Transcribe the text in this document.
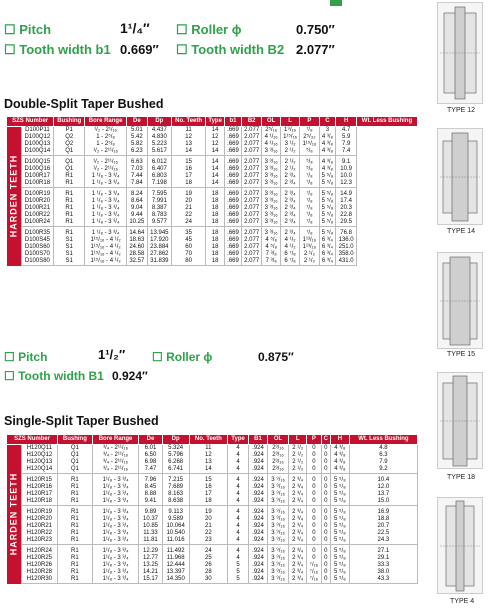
☐ Pitch	1¹/₄″ ☐ Roller ϕ	0.750″
☐ Tooth width b1 0.669″ ☐ Tooth width B2 2.077″
Double-Split Taper Bushed
SZS Number		Bushing	Bore Range	De	Dp	No. Teeth	Type	b1	B2	OL	L	P	C	H	Wt. Less Bushing

HARDEN TEETH	D100P11	P1	¹/₂ - 2¹/₁₆	5.01	4.437	11	14	.669	2.077	2⁵/₁₆	1⁹/₁₆	⁷/₈	3	4.7	
	D100Q12	Q2	1 - 2⁵/₈	5.42	4.830	12	12	.669	2.077	4 ¹/₁₆	1¹⁵/₁₆	2⁵/₃₂	4 ³/₈	5.9	
	D100Q13	Q2	1 - 2⁵/₈	5.82	5.223	13	12	.669	2.077	4 ¹/₁₆	3 ¹/₂	1¹⁵/₁₆	4 ³/₈	7.9	
	D100Q14	Q1	¹/₂ - 2¹¹/₁₆	6.23	5.617	14	14	.669	2.077	3 ³/₁₆	2 ¹/₂	⁵/₈	4 ³/₈	7.4	
	D100Q15	Q1	¹/₂ - 2¹¹/₁₆	6.63	6.012	15	14	.669	2.077	3 ³/₁₆	2 ¹/₂	⁵/₈	4 ³/₈	9.1	
	D100Q16	Q1	¹/₂ - 2¹¹/₁₆	7.03	6.407	16	14	.669	2.077	3 ³/₁₆	2 ¹/₂	⁵/₈	4 ³/₈	10.9	
	D100R17	R1	1 ¹/₈ - 3 ³/₄	7.44	6.803	17	14	.669	2.077	3 ³/₁₆	2 ³/₄	⁷/₈	5 ⁵/₈	10.0	
	D100R18	R1	1 ¹/₈ - 3 ³/₄	7.84	7.198	18	14	.669	2.077	3 ³/₁₆	2 ³/₄	⁷/₈	5 ⁵/₈	12.3	
	D100R19	R1	1 ¹/₈ - 3 ³/₄	8.24	7.595	19	18	.669	2.077	3 ³/₁₆	2 ³/₄	⁷/₈	5 ⁵/₈	14.9	
	D100R20	R1	1 ¹/₈ - 3 ³/₄	8.64	7.991	20	18	.669	2.077	3 ³/₁₆	2 ³/₄	⁷/₈	5 ⁵/₈	17.4	
	D100R21	R1	1 ¹/₈ - 3 ³/₄	9.04	8.387	21	18	.669	2.077	3 ³/₁₆	2 ³/₄	⁷/₈	5 ⁵/₈	20.3	
	D100R22	R1	1 ¹/₈ - 3 ³/₄	9.44	8.783	22	18	.669	2.077	3 ³/₁₆	2 ³/₄	⁷/₈	5 ⁵/₈	22.8	
	D100R24	R1	1 ¹/₈ - 3 ³/₄	10.25	9.577	24	18	.669	2.077	3 ³/₁₆	2 ³/₄	⁷/₈	5 ⁵/₈	29.5	
	D100R35	R1	1 ¹/₈ - 3 ³/₄	14.64	13.945	35	18	.669	2.077	3 ³/₁₆	2 ³/₄	⁷/₈	5 ⁵/₈	76.8	
	D100S45	S1	1¹⁵/₁₆ - 4 ¹/₂	18.63	17.920	45	18	.669	2.077	4 ⁵/₈	4 ¹/₂	1¹³/₁₆	6 ³/₄	136.0	
	D100S60	S1	1¹⁵/₁₆ - 4 ¹/₂	24.60	23.884	60	18	.669	2.077	4 ⁵/₈	4 ¹/₂	1¹³/₁₆	6 ³/₄	251.0	
	D100S70	S1	1¹⁵/₁₆ - 4 ¹/₂	28.58	27.862	70	18	.669	2.077	7 ³/₈	6 ⁷/₈	2 ¹/₂	6 ³/₄	358.0	
	D100S80	S1	1¹⁵/₁₆ - 4 ¹/₂	32.57	31.839	80	18	.669	2.077	7 ³/₈	6 ⁷/₈	2 ¹/₂	6 ³/₄	431.0	
☐ Pitch	1¹/₂″ ☐ Roller ϕ	0.875″
☐ Tooth width B1 0.924″
Single-Split Taper Bushed
SZS Number		Bushing	Bore Range	De	Dp	No. Teeth	Type	B1	OL	L	P	C	H	Wt. Less Bushing

HARDEN TEETH	H120Q11	Q1	³/₄ - 2¹¹/₁₆	6.01	5.324	11	4	.924	2³/₁₆	2 ¹/₂	0	0	4 ³/₈	4.8
	H120Q12	Q1	³/₄ - 2¹¹/₁₆	6.50	5.796	12	4	.924	2³/₁₆	2 ¹/₂	0	0	4 ³/₈	6.3
	H120Q13	Q1	³/₄ - 2¹¹/₁₆	6.98	6.268	13	4	.924	2³/₁₆	2 ¹/₂	0	0	4 ³/₈	7.9
	H120Q14	Q1	³/₄ - 2¹¹/₁₆	7.47	6.741	14	4	.924	2³/₁₆	2 ¹/₂	0	0	4 ³/₈	9.2
	H120R15	R1	1¹/₈ - 3 ³/₄	7.96	7.215	15	4	.924	3 ⁹/₁₆	2 ³/₄	0	0	5 ⁵/₈	10.4
	H120R16	R1	1¹/₈ - 3 ³/₄	8.45	7.689	16	4	.924	3 ⁹/₁₆	2 ³/₄	0	0	5 ⁵/₈	12.0
	H120R17	R1	1¹/₈ - 3 ³/₄	8.88	8.163	17	4	.924	3 ⁹/₁₆	2 ³/₄	0	0	5 ⁵/₈	13.7
	H120R18	R1	1¹/₈ - 3 ³/₄	9.41	8.638	18	4	.924	3 ⁹/₁₆	2 ³/₄	0	0	5 ⁵/₈	15.0
	H120R19	R1	1¹/₈ - 3 ³/₄	9.89	9.113	19	4	.924	3 ⁹/₁₆	2 ³/₄	0	0	5 ⁵/₈	16.9
	H120R20	R1	1¹/₈ - 3 ³/₄	10.37	9.589	20	4	.924	3 ⁹/₁₆	2 ³/₄	0	0	5 ⁵/₈	18.8
	H120R21	R1	1¹/₈ - 3 ³/₄	10.85	10.064	21	4	.924	3 ⁹/₁₆	2 ³/₄	0	0	5 ⁵/₈	20.7
	H120R22	R1	1¹/₈ - 3 ³/₄	11.33	10.540	22	4	.924	3 ⁹/₁₆	2 ³/₄	0	0	5 ⁵/₈	22.5
	H120R23	R1	1¹/₈ - 3 ³/₄	11.81	11.016	23	4	.924	3 ⁹/₁₆	2 ³/₄	0	0	5 ⁵/₈	24.3
	H120R24	R1	1¹/₈ - 3 ³/₄	12.29	11.492	24	4	.924	3 ⁹/₁₆	2 ³/₄	0	0	5 ⁵/₈	27.1
	H120R25	R1	1¹/₈ - 3 ³/₄	12.77	11.968	25	4	.924	3 ⁹/₁₆	2 ³/₄	0	0	5 ⁵/₈	29.1
	H120R26	R1	1¹/₈ - 3 ³/₄	13.25	12.444	26	5	.924	3 ⁹/₁₆	2 ³/₄	⁷/₁₆	0	5 ⁵/₈	33.3
	H120R28	R1	1¹/₈ - 3 ³/₄	14.21	13.397	28	5	.924	3 ⁹/₁₆	2 ³/₄	⁷/₁₆	0	5 ⁵/₈	38.0
	H120R30	R1	1¹/₈ - 3 ³/₄	15.17	14.350	30	5	.924	3 ⁹/₁₆	2 ³/₄	⁷/₁₆	0	5 ⁵/₈	43.3
TYPE 12
TYPE 14
TYPE 15
TYPE 18
TYPE 4
